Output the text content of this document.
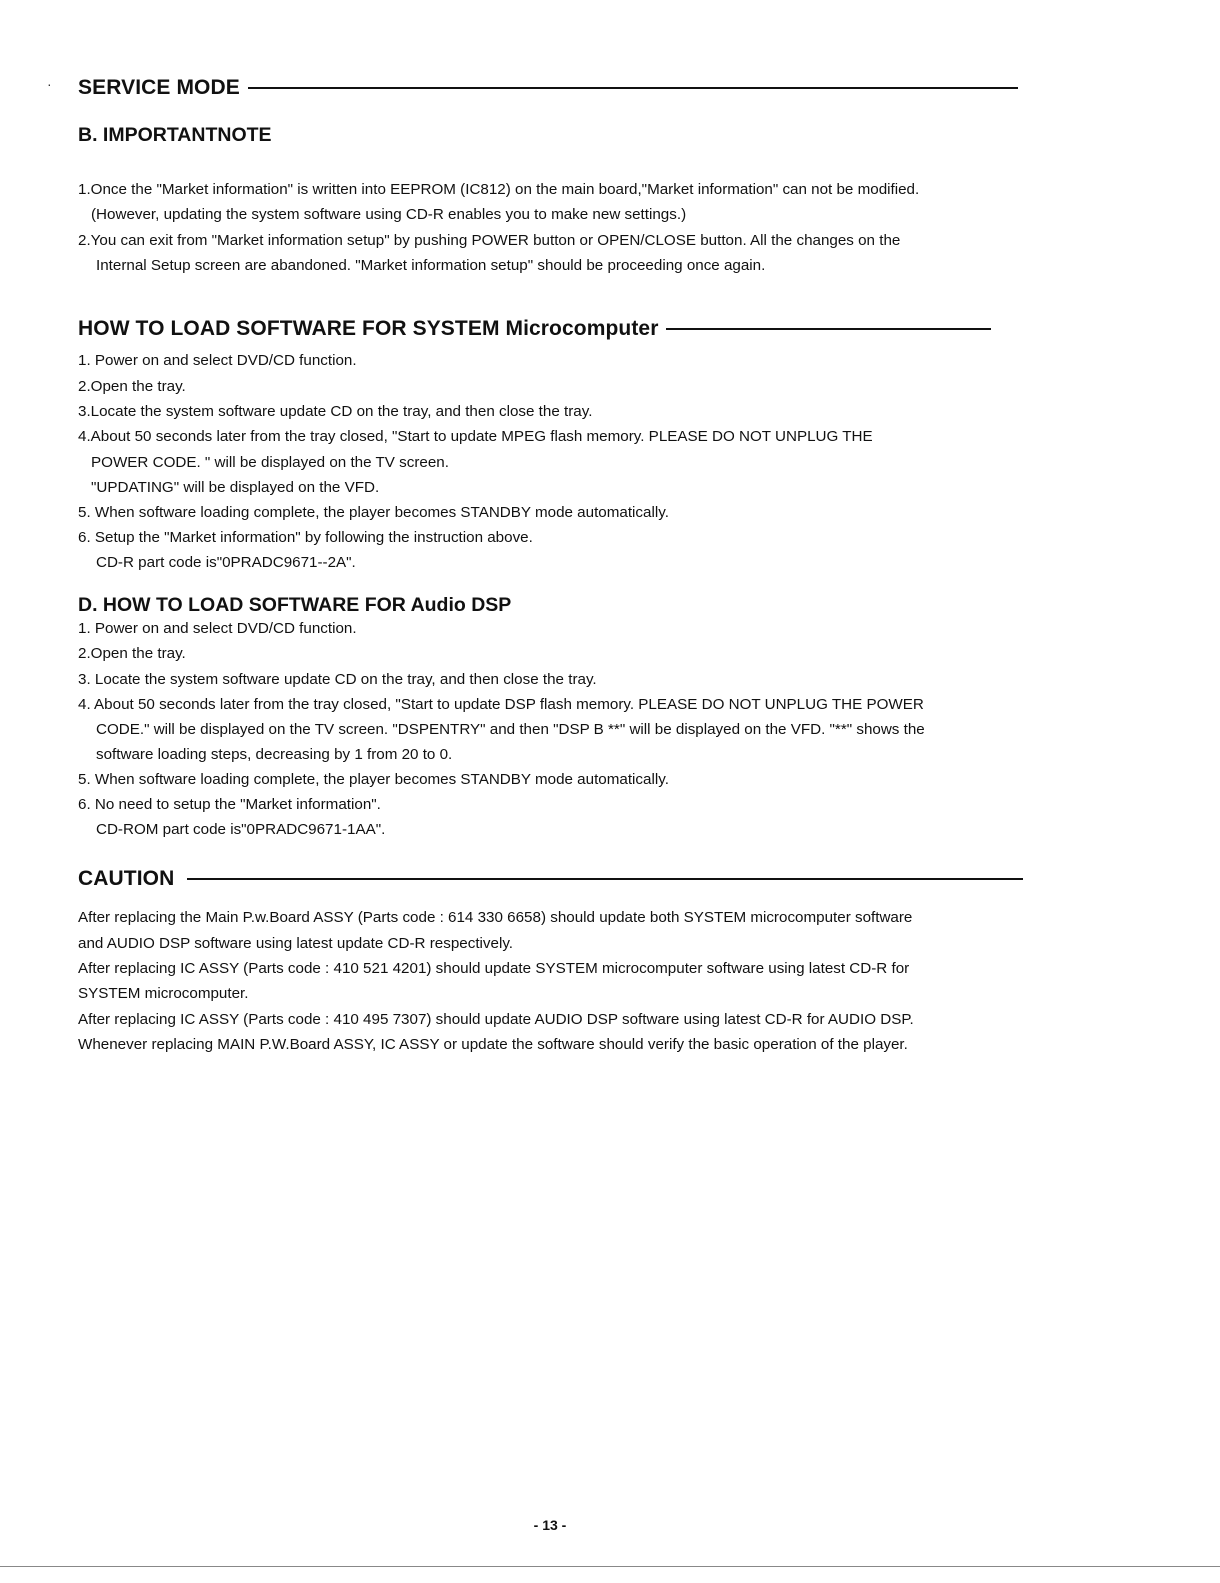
· SERVICE MODE
B. IMPORTANTNOTE
1.Once the "Market information" is written into EEPROM (IC812) on the main board,"Market information" can not be modified.
(However, updating the system software using CD-R enables you to make new settings.)
2.You can exit from "Market information setup" by pushing POWER button or OPEN/CLOSE button. All the changes on the
Internal Setup screen are abandoned. "Market information setup" should be proceeding once again.
HOW TO LOAD SOFTWARE FOR SYSTEM Microcomputer
1. Power on and select DVD/CD function.
2.Open the tray.
3.Locate the system software update CD on the tray, and then close the tray.
4.About 50 seconds later from the tray closed, "Start to update MPEG flash memory. PLEASE DO NOT UNPLUG THE
POWER CODE. " will be displayed on the TV screen.
"UPDATING" will be displayed on the VFD.
5. When software loading complete, the player becomes STANDBY mode automatically.
6. Setup the "Market information" by following the instruction above.
CD-R part code is"0PRADC9671--2A".
D. HOW TO LOAD SOFTWARE FOR Audio DSP
1. Power on and select DVD/CD function.
2.Open the tray.
3. Locate the system software update CD on the tray, and then close the tray.
4. About 50 seconds later from the tray closed, "Start to update DSP flash memory. PLEASE DO NOT UNPLUG THE POWER
CODE." will be displayed on the TV screen. "DSPENTRY" and then "DSP B **" will be displayed on the VFD. "**" shows the
software loading steps, decreasing by 1 from 20 to 0.
5. When software loading complete, the player becomes STANDBY mode automatically.
6. No need to setup the "Market information".
CD-ROM part code is"0PRADC9671-1AA".
CAUTION
After replacing the Main P.w.Board ASSY (Parts code : 614 330 6658) should update both SYSTEM microcomputer software
and AUDIO DSP software using latest update CD-R respectively.
After replacing IC ASSY (Parts code : 410 521 4201) should update SYSTEM microcomputer software using latest CD-R for
SYSTEM microcomputer.
After replacing IC ASSY (Parts code : 410 495 7307) should update AUDIO DSP software using latest CD-R for AUDIO DSP.
Whenever replacing MAIN P.W.Board ASSY, IC ASSY or update the software should verify the basic operation of the player.
- 13 -
